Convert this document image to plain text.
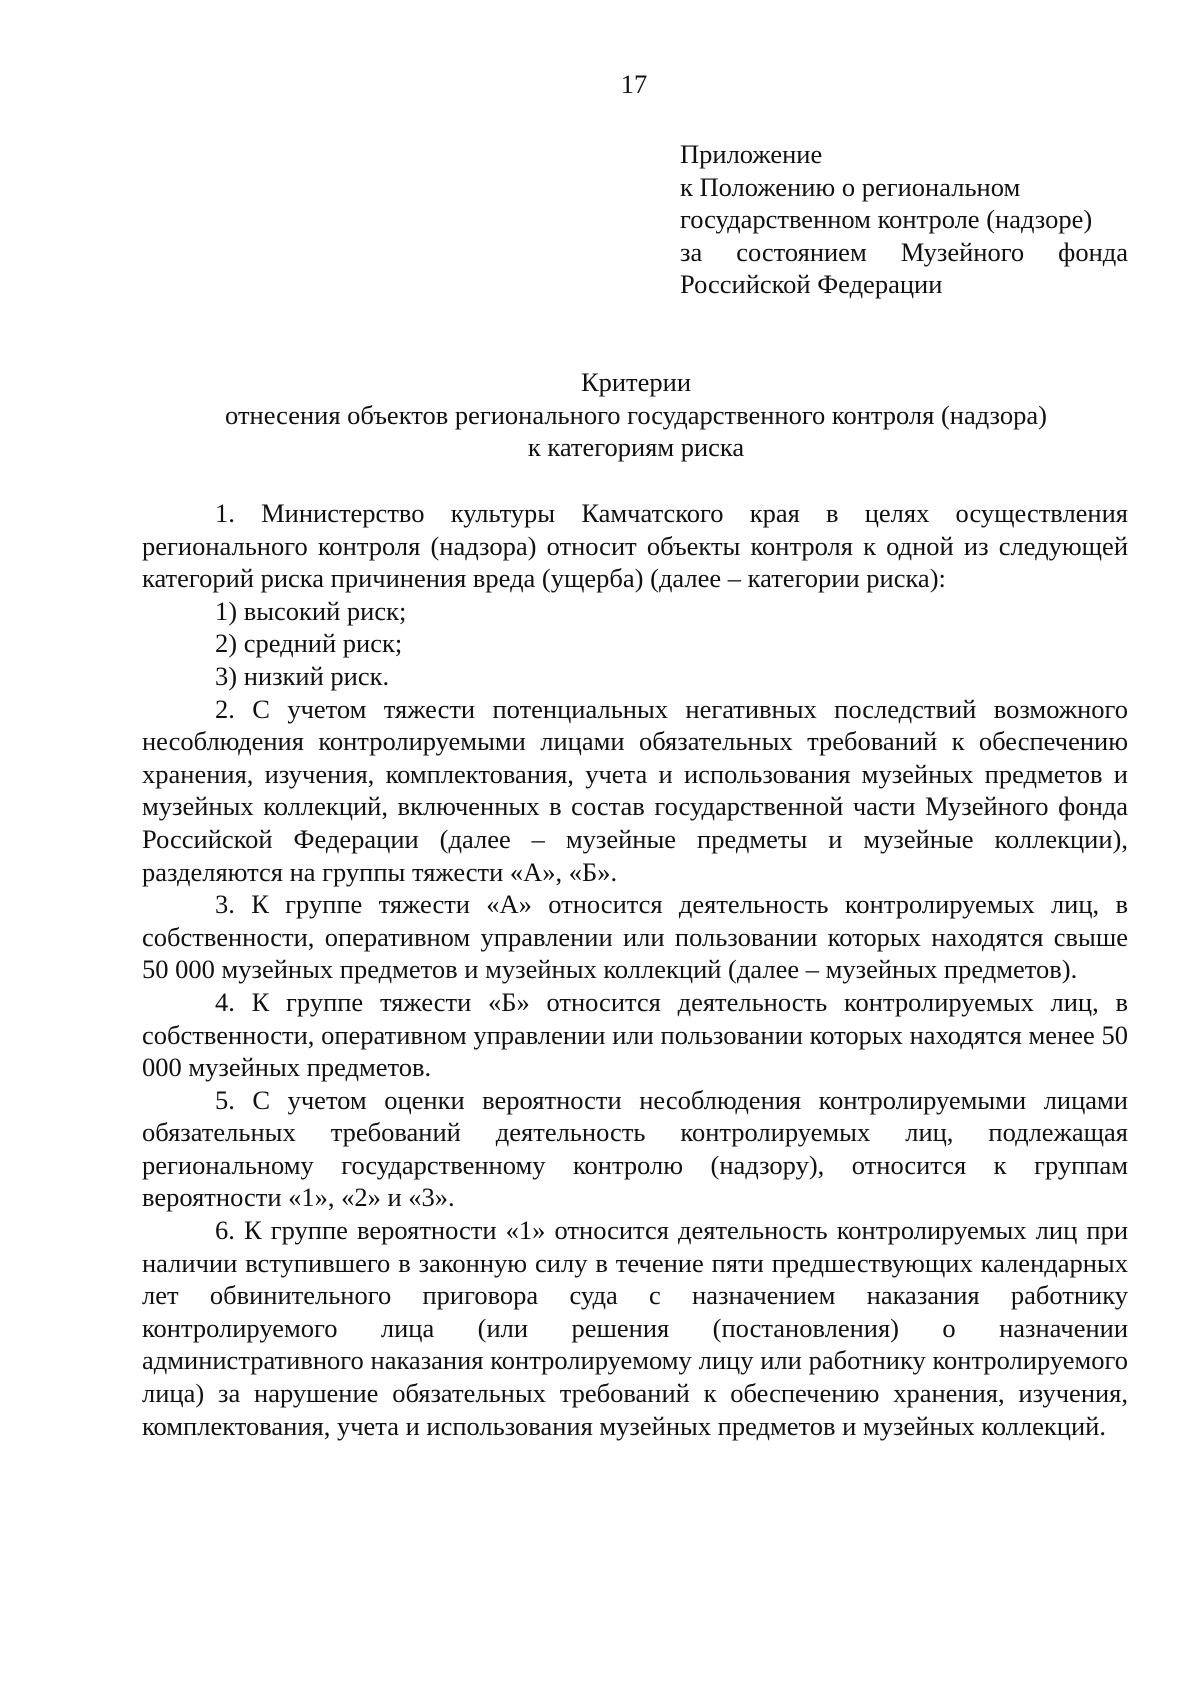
17
Приложение
к Положению о региональном
государственном контроле (надзоре)
за состоянием Музейного фонда
Российской Федерации
Критерии
отнесения объектов регионального государственного контроля (надзора)
к категориям риска

1. Министерство культуры Камчатского края в целях осуществления регионального контроля (надзора) относит объекты контроля к одной из следующей категорий риска причинения вреда (ущерба) (далее – категории риска):

1) высокий риск;

2) средний риск;

3) низкий риск.

2. С учетом тяжести потенциальных негативных последствий возможного несоблюдения контролируемыми лицами обязательных требований к обеспечению хранения, изучения, комплектования, учета и использования музейных предметов и музейных коллекций, включенных в состав государственной части Музейного фонда Российской Федерации (далее – музейные предметы и музейные коллекции), разделяются на группы тяжести «А», «Б».

3. К группе тяжести «А» относится деятельность контролируемых лиц, в собственности, оперативном управлении или пользовании которых находятся свыше 50 000 музейных предметов и музейных коллекций (далее – музейных предметов).

4. К группе тяжести «Б» относится деятельность контролируемых лиц, в собственности, оперативном управлении или пользовании которых находятся менее 50 000 музейных предметов.

5. С учетом оценки вероятности несоблюдения контролируемыми лицами обязательных требований деятельность контролируемых лиц, подлежащая региональному государственному контролю (надзору), относится к группам вероятности «1», «2» и «3».

6. К группе вероятности «1» относится деятельность контролируемых лиц при наличии вступившего в законную силу в течение пяти предшествующих календарных лет обвинительного приговора суда с назначением наказания работнику контролируемого лица (или решения (постановления) о назначении административного наказания контролируемому лицу или работнику контролируемого лица) за нарушение обязательных требований к обеспечению хранения, изучения, комплектования, учета и использования музейных предметов и музейных коллекций.
